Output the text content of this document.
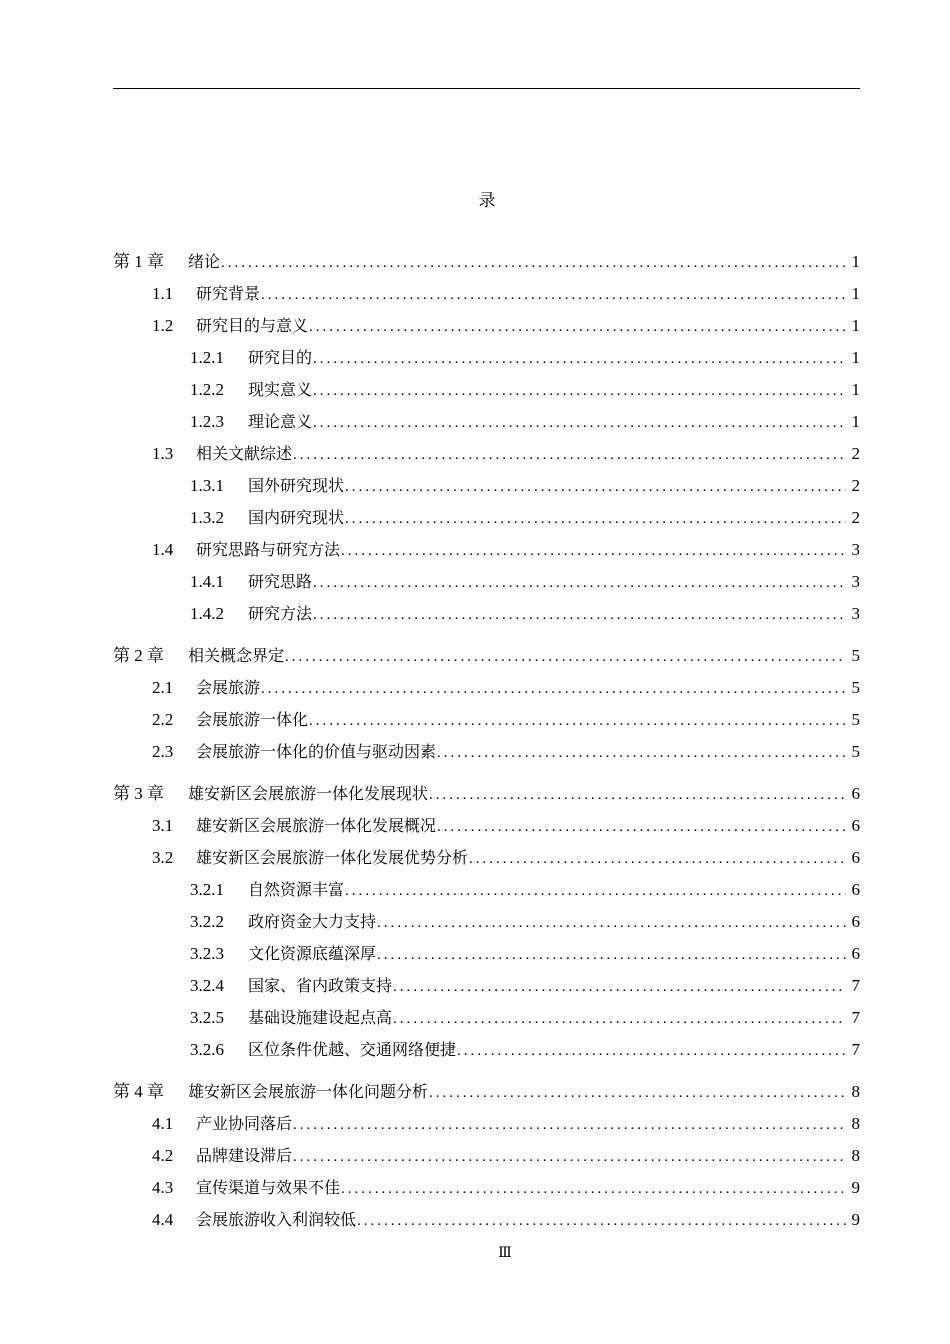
录
第 1 章	绪论 .....	1
1.1	研究背景 .....	1
1.2	研究目的与意义 .....	1
1.2.1	研究目的 .....	1
1.2.2	现实意义 .....	1
1.2.3	理论意义 .....	1
1.3	相关文献综述 .....	2
1.3.1	国外研究现状 .....	2
1.3.2	国内研究现状 .....	2
1.4	研究思路与研究方法 .....	3
1.4.1	研究思路 .....	3
1.4.2	研究方法 .....	3
第 2 章	相关概念界定 .....	5
2.1	会展旅游 .....	5
2.2	会展旅游一体化 .....	5
2.3	会展旅游一体化的价值与驱动因素 .....	5
第 3 章	雄安新区会展旅游一体化发展现状 .....	6
3.1	雄安新区会展旅游一体化发展概况 .....	6
3.2	雄安新区会展旅游一体化发展优势分析 .....	6
3.2.1	自然资源丰富 .....	6
3.2.2	政府资金大力支持 .....	6
3.2.3	文化资源底蕴深厚 .....	6
3.2.4	国家、省内政策支持 .....	7
3.2.5	基础设施建设起点高 .....	7
3.2.6	区位条件优越、交通网络便捷 .....	7
第 4 章	雄安新区会展旅游一体化问题分析 .....	8
4.1	产业协同落后 .....	8
4.2	品牌建设滞后 .....	8
4.3	宣传渠道与效果不佳 .....	9
4.4	会展旅游收入利润较低 .....	9
Ⅲ
